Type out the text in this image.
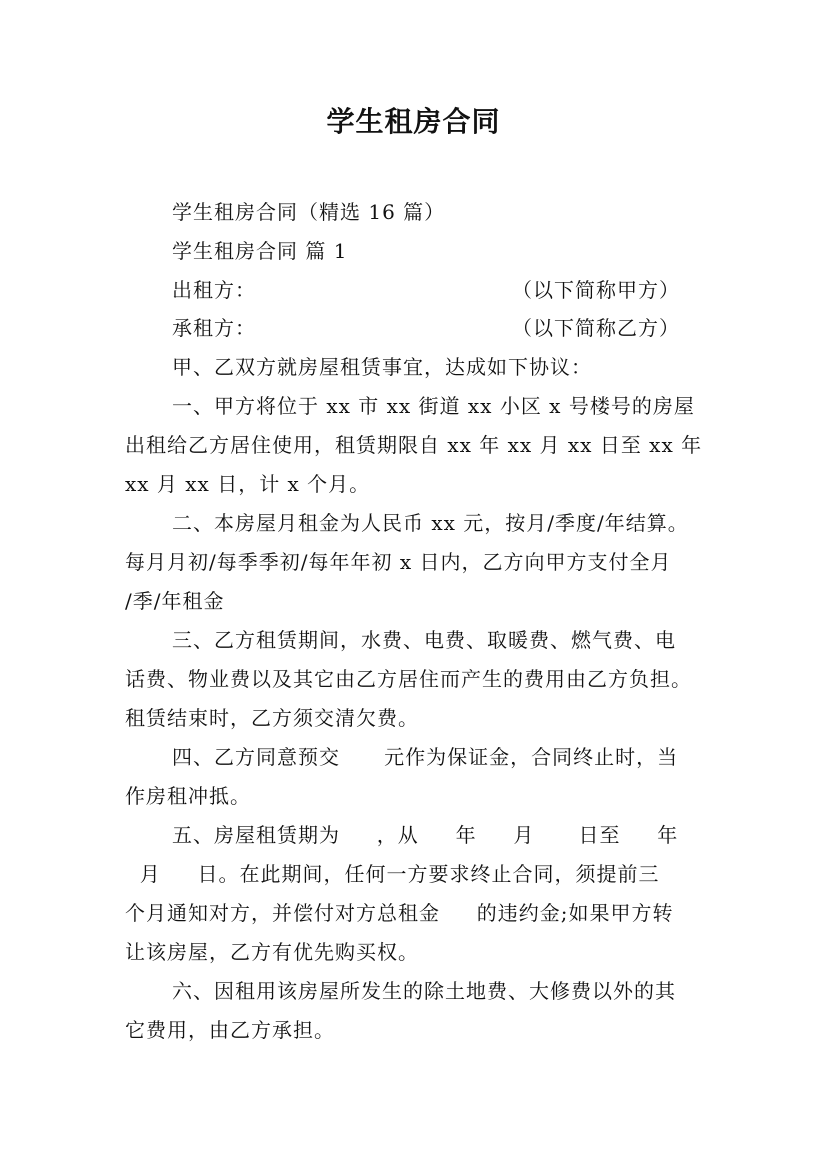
学生租房合同
学生租房合同（精选 16 篇）
学生租房合同 篇 1
出租方：	（以下简称甲方）
承租方：	（以下简称乙方）
甲、乙双方就房屋租赁事宜，达成如下协议：
一、甲方将位于 xx 市 xx 街道 xx 小区 x 号楼号的房屋
出租给乙方居住使用，租赁期限自 xx 年 xx 月 xx 日至 xx 年
xx 月 xx 日，计 x 个月。
二、本房屋月租金为人民币 xx 元，按月/季度/年结算。
每月月初/每季季初/每年年初 x 日内，乙方向甲方支付全月
/季/年租金
三、乙方租赁期间，水费、电费、取暖费、燃气费、电
话费、物业费以及其它由乙方居住而产生的费用由乙方负担。
租赁结束时，乙方须交清欠费。
四、乙方同意预交      元作为保证金，合同终止时，当
作房租冲抵。
五、房屋租赁期为     ，从     年     月      日至     年
月     日。在此期间，任何一方要求终止合同，须提前三
个月通知对方，并偿付对方总租金     的违约金;如果甲方转
让该房屋，乙方有优先购买权。
六、因租用该房屋所发生的除土地费、大修费以外的其
它费用，由乙方承担。
